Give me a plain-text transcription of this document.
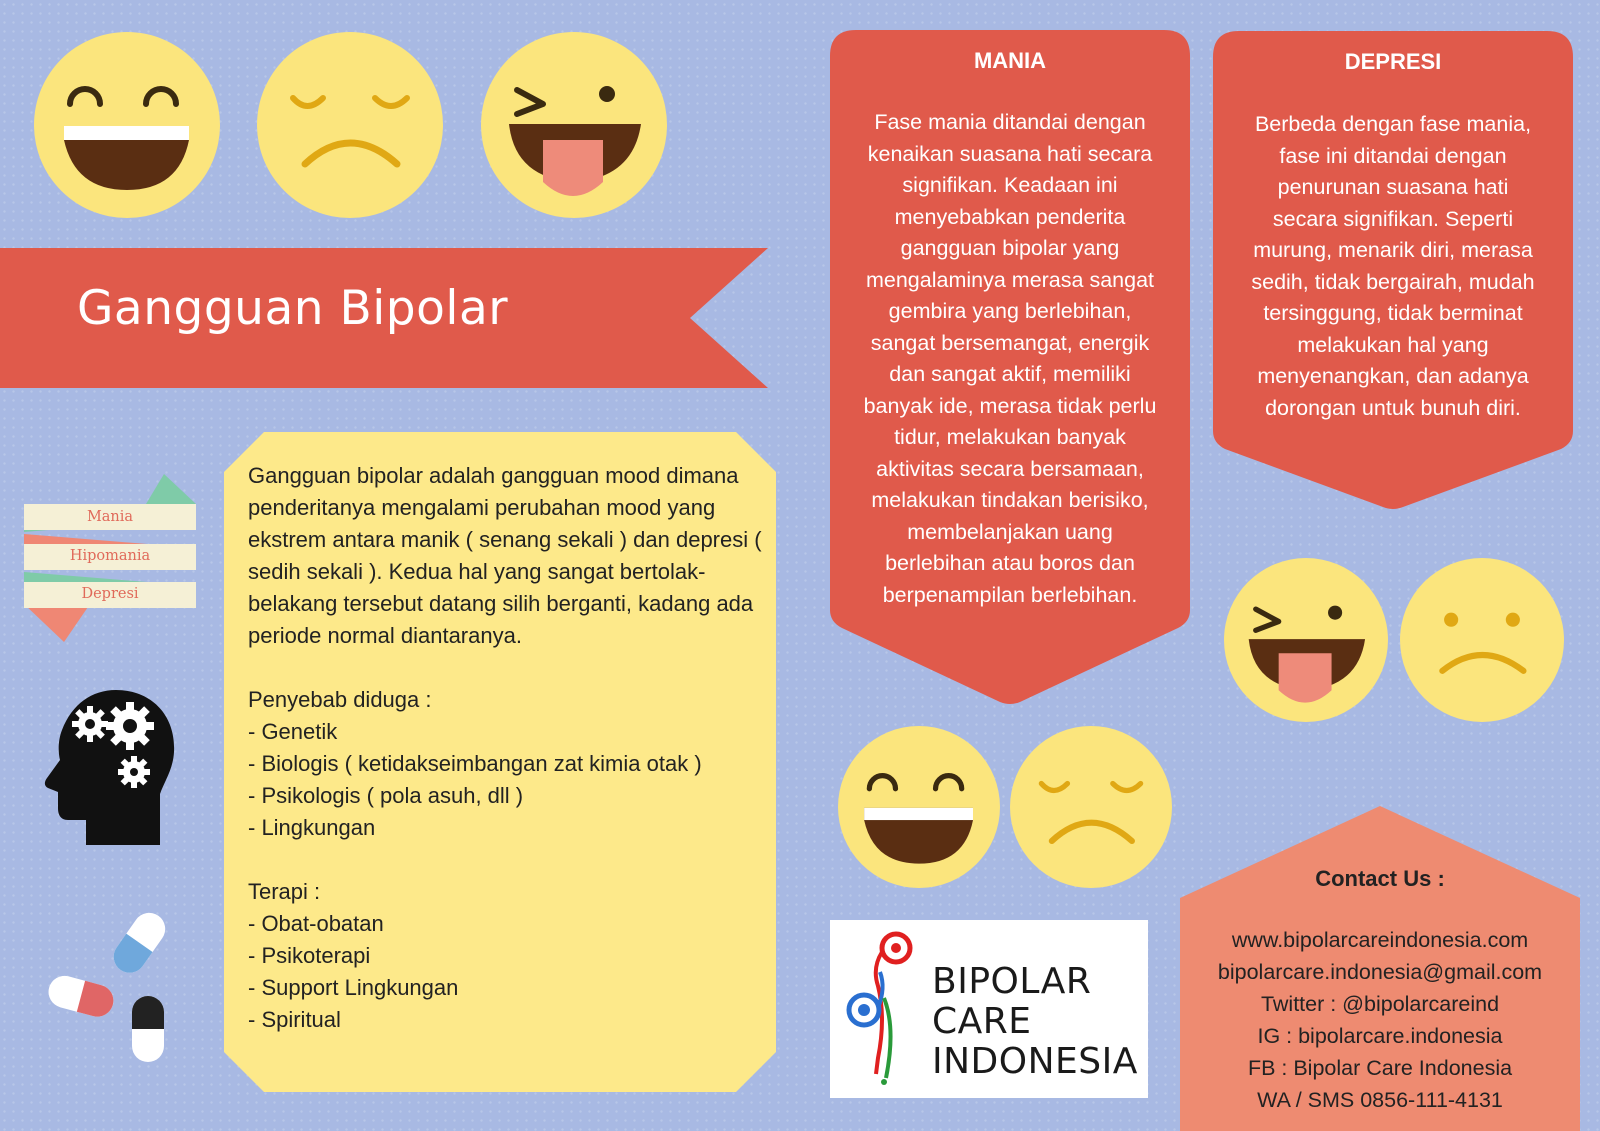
Gangguan Bipolar
Mania
Hipomania
Depresi

Gangguan bipolar adalah gangguan mood dimana penderitanya mengalami perubahan mood yang ekstrem antara manik ( senang sekali ) dan depresi ( sedih sekali ). Kedua hal yang sangat bertolak-belakang tersebut datang silih berganti, kadang ada periode normal diantaranya.

Penyebab diduga :

- Genetik

- Biologis ( ketidakseimbangan zat kimia otak )

- Psikologis ( pola asuh, dll )

- Lingkungan

Terapi :

- Obat-obatan

- Psikoterapi

- Support Lingkungan

- Spiritual

MANIA
Fase mania ditandai dengan
kenaikan suasana hati secara
signifikan. Keadaan ini
menyebabkan penderita
gangguan bipolar yang
mengalaminya merasa sangat
gembira yang berlebihan,
sangat bersemangat, energik
dan sangat aktif, memiliki
banyak ide, merasa tidak perlu
tidur, melakukan banyak
aktivitas secara bersamaan,
melakukan tindakan berisiko,
membelanjakan uang
berlebihan atau boros dan
berpenampilan berlebihan.
DEPRESI
Berbeda dengan fase mania,
fase ini ditandai dengan
penurunan suasana hati
secara signifikan. Seperti
murung, menarik diri, merasa
sedih, tidak bergairah, mudah
tersinggung, tidak berminat
melakukan hal yang
menyenangkan, dan adanya
dorongan untuk bunuh diri.
BIPOLAR
CARE
INDONESIA
Contact Us :
www.bipolarcareindonesia.com
bipolarcare.indonesia@gmail.com
Twitter : @bipolarcareind
IG : bipolarcare.indonesia
FB : Bipolar Care Indonesia
WA / SMS 0856-111-4131
